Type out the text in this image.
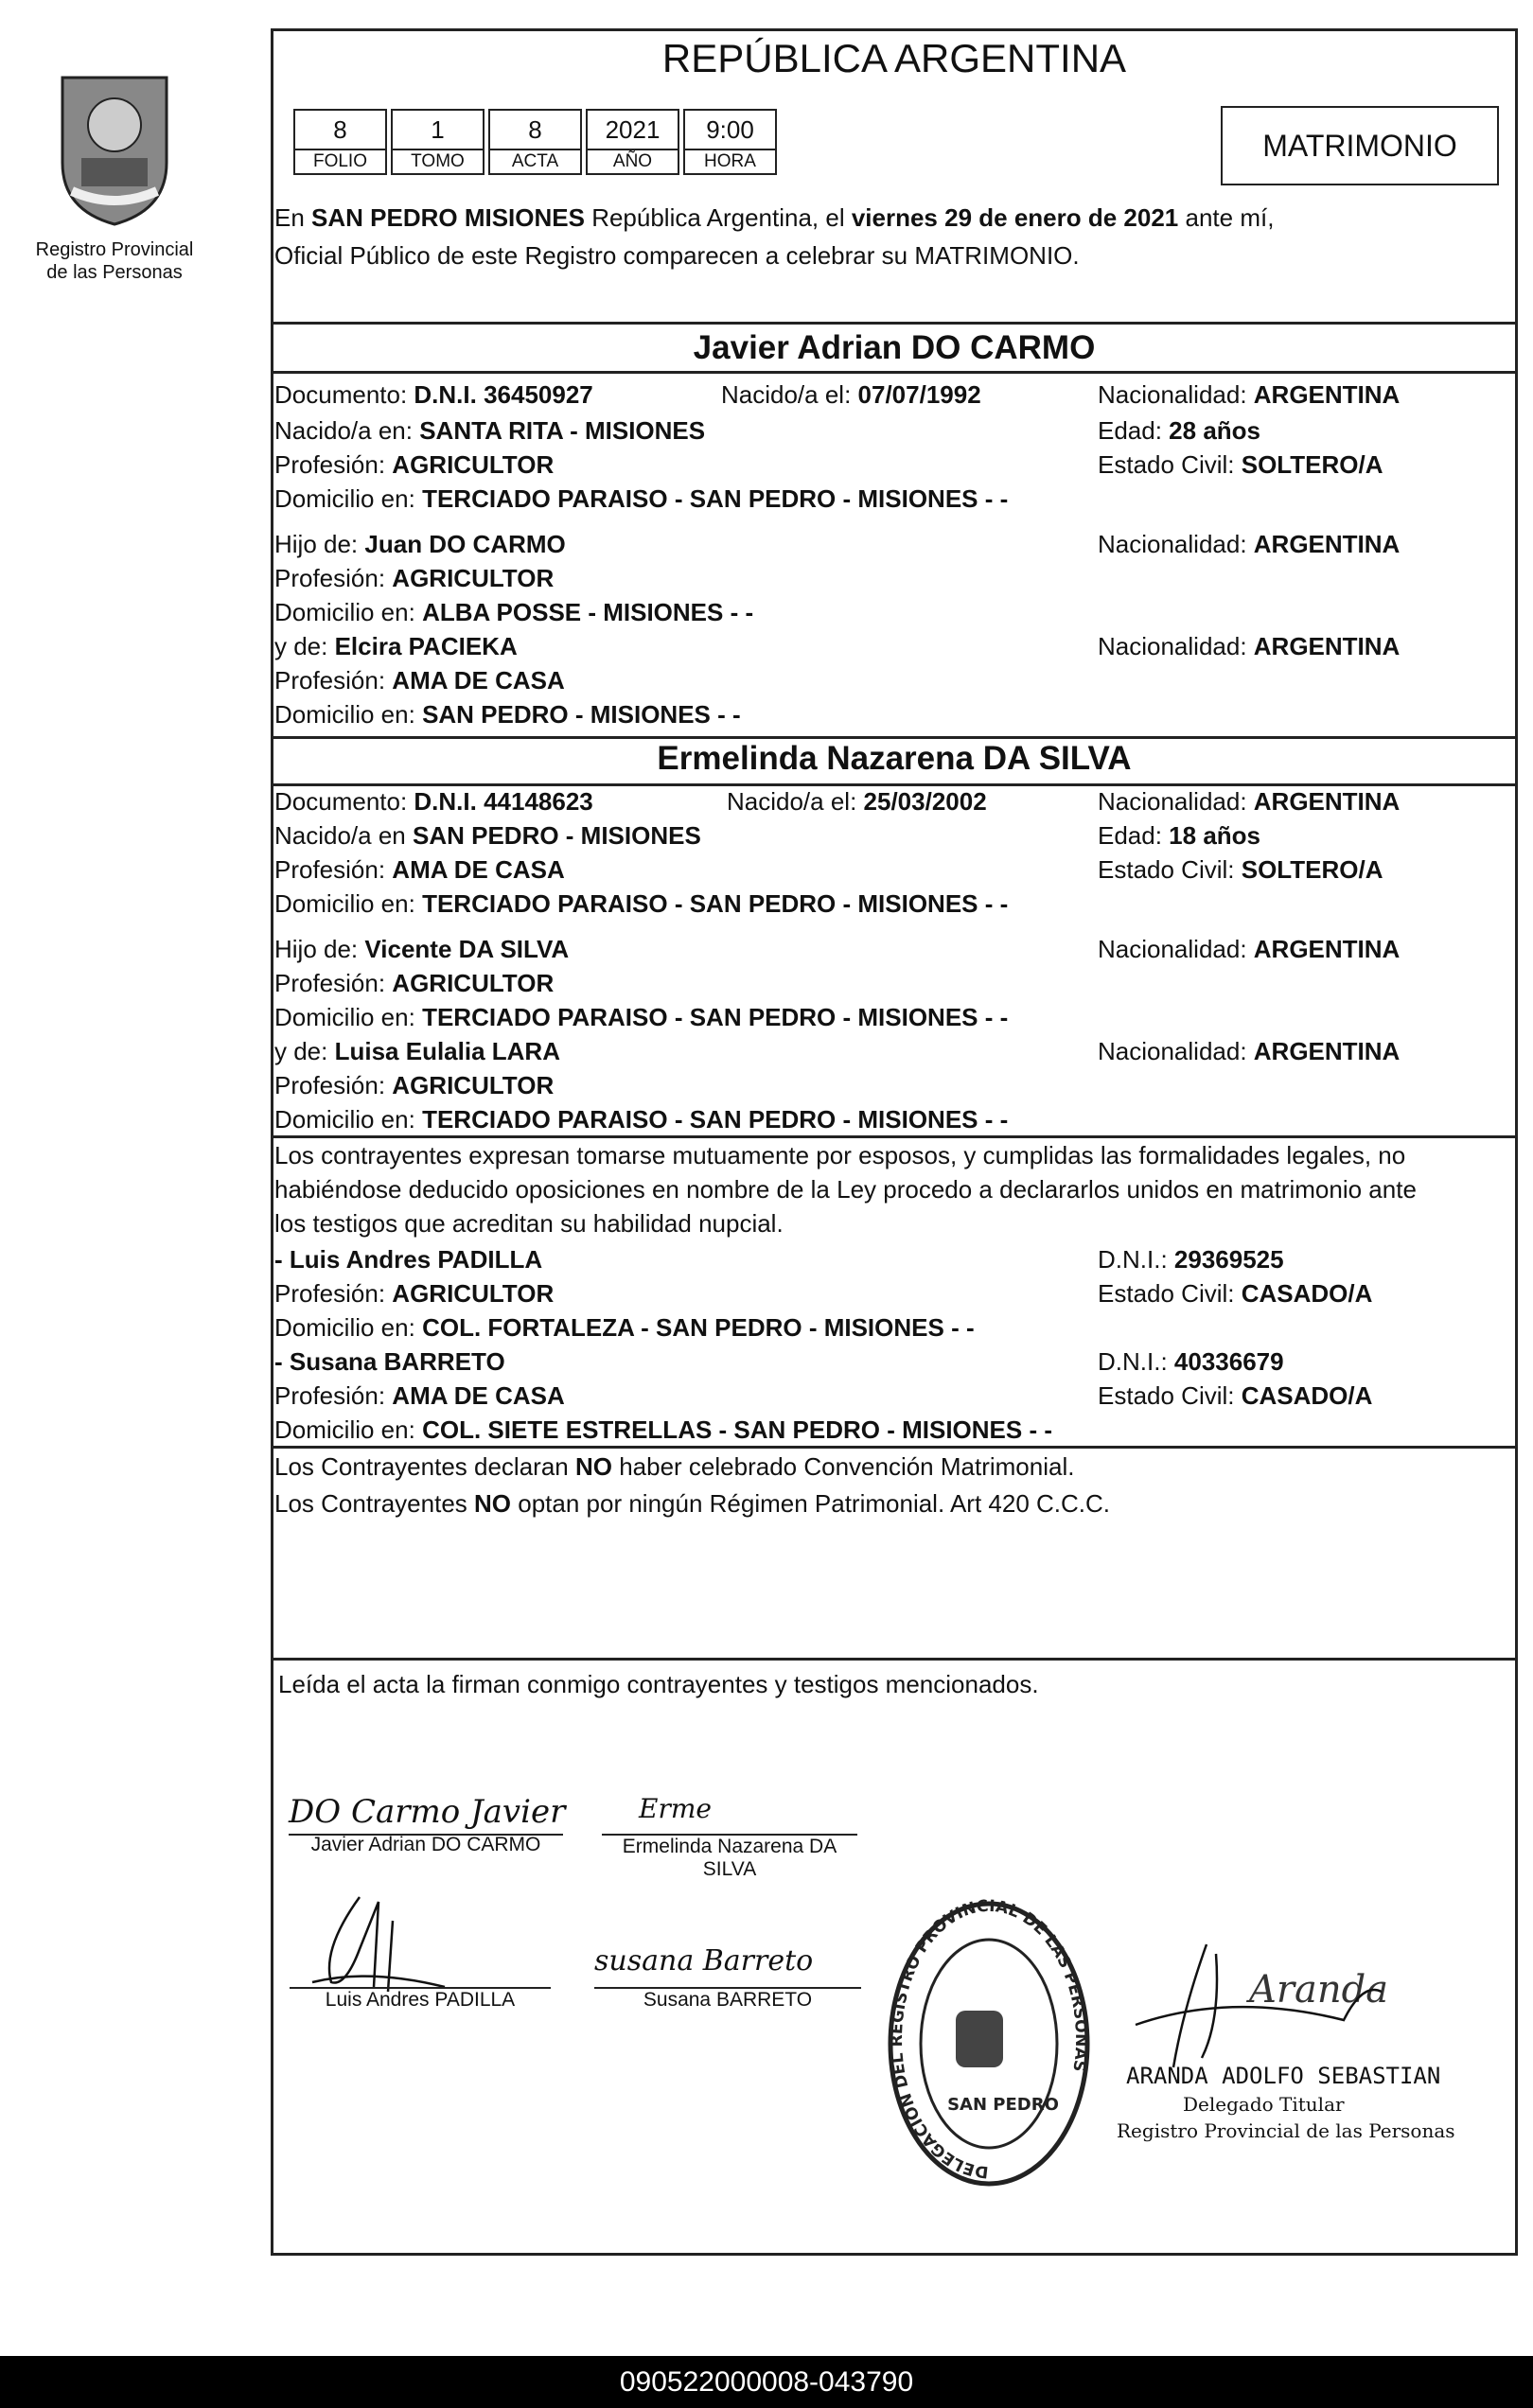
Registro Provincial
de las Personas
REPÚBLICA ARGENTINA
8
FOLIO
1
TOMO
8
ACTA
2021
AÑO
9:00
HORA	MATRIMONIO
En SAN PEDRO MISIONES República Argentina, el viernes 29 de enero de 2021 ante mí,
Oficial Público de este Registro comparecen a celebrar su MATRIMONIO.
Javier Adrian DO CARMO
Documento: D.N.I. 36450927	Nacido/a el: 07/07/1992	Nacionalidad: ARGENTINA
Nacido/a en: SANTA RITA - MISIONES	Edad: 28 años
Profesión: AGRICULTOR	Estado Civil: SOLTERO/A
Domicilio en: TERCIADO PARAISO - SAN PEDRO - MISIONES - -
Hijo de: Juan DO CARMO	Nacionalidad: ARGENTINA
Profesión: AGRICULTOR
Domicilio en: ALBA POSSE - MISIONES - -
y de: Elcira PACIEKA	Nacionalidad: ARGENTINA
Profesión: AMA DE CASA
Domicilio en: SAN PEDRO - MISIONES - -
Ermelinda Nazarena DA SILVA
Documento: D.N.I. 44148623	Nacido/a el: 25/03/2002	Nacionalidad: ARGENTINA
Nacido/a en SAN PEDRO - MISIONES	Edad: 18 años
Profesión: AMA DE CASA	Estado Civil: SOLTERO/A
Domicilio en: TERCIADO PARAISO - SAN PEDRO - MISIONES - -
Hijo de: Vicente DA SILVA	Nacionalidad: ARGENTINA
Profesión: AGRICULTOR
Domicilio en: TERCIADO PARAISO - SAN PEDRO - MISIONES - -
y de: Luisa Eulalia LARA	Nacionalidad: ARGENTINA
Profesión: AGRICULTOR
Domicilio en: TERCIADO PARAISO - SAN PEDRO - MISIONES - -
Los contrayentes expresan tomarse mutuamente por esposos, y cumplidas las formalidades legales, no
habiéndose deducido oposiciones en nombre de la Ley procedo a declararlos unidos en matrimonio ante
los testigos que acreditan su habilidad nupcial.
- Luis Andres PADILLA	D.N.I.: 29369525
Profesión: AGRICULTOR	Estado Civil: CASADO/A
Domicilio en: COL. FORTALEZA - SAN PEDRO - MISIONES - -
- Susana BARRETO	D.N.I.: 40336679
Profesión: AMA DE CASA	Estado Civil: CASADO/A
Domicilio en: COL. SIETE ESTRELLAS - SAN PEDRO - MISIONES - -
Los Contrayentes declaran NO haber celebrado Convención Matrimonial.
Los Contrayentes NO optan por ningún Régimen Patrimonial. Art 420 C.C.C.
Leída el acta la firman conmigo contrayentes y testigos mencionados.
DO Carmo Javier
Javier Adrian DO CARMO
Erme
Ermelinda Nazarena DA
SILVA
Luis Andres PADILLA
susana Barreto
Susana BARRETO
DELEGACION DEL REGISTRO PROVINCIAL DE LAS PERSONAS
SAN PEDRO
Aranda
ARANDA ADOLFO SEBASTIAN
Delegado Titular
Registro Provincial de las Personas
090522000008-043790
